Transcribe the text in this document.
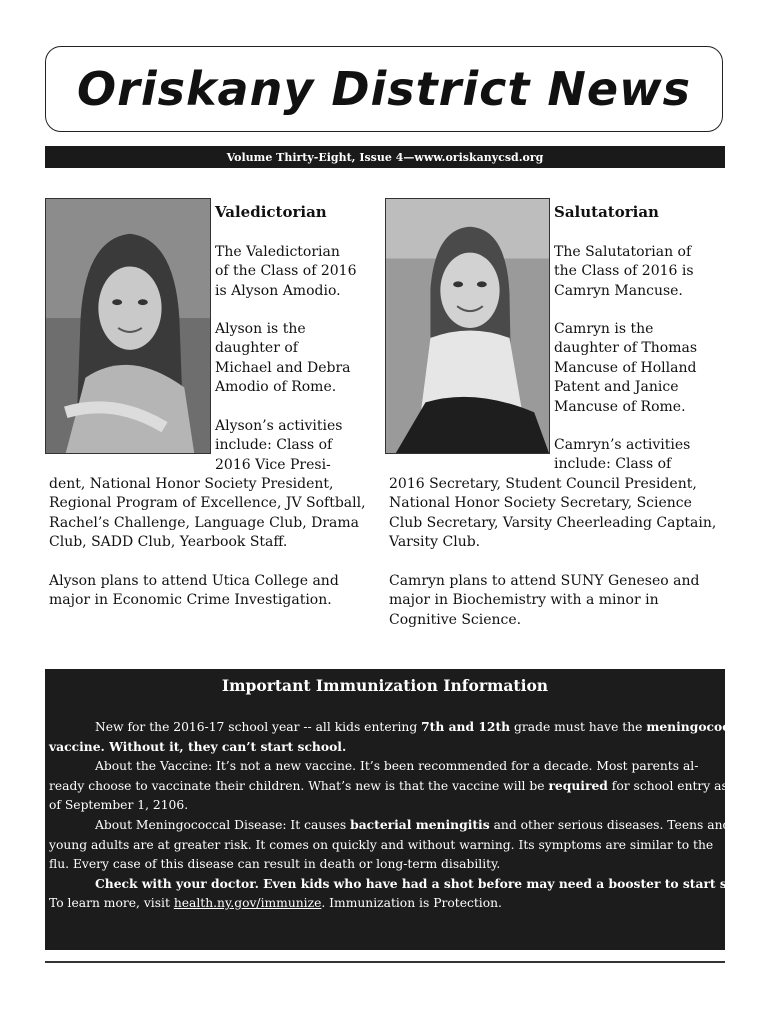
Oriskany District News
Volume Thirty-Eight, Issue 4—www.oriskanycsd.org
Valedictorian

The Valedictorian
of the Class of 2016
is Alyson Amodio.

Alyson is the
daughter of
Michael and Debra
Amodio of Rome.

Alyson’s activities
include: Class of
2016 Vice Presi-

dent, National Honor Society President,
Regional Program of Excellence, JV Softball,
Rachel’s Challenge, Language Club, Drama
Club, SADD Club, Yearbook Staff.

Alyson plans to attend Utica College and
major in Economic Crime Investigation.

Salutatorian

The Salutatorian of
the Class of 2016 is
Camryn Mancuse.

Camryn is the
daughter of Thomas
Mancuse of Holland
Patent and Janice
Mancuse of Rome.

Camryn’s activities
include: Class of

2016 Secretary, Student Council President,
National Honor Society Secretary, Science
Club Secretary, Varsity Cheerleading Captain,
Varsity Club.

Camryn plans to attend SUNY Geneseo and
major in Biochemistry with a minor in
Cognitive Science.

Important Immunization Information
New for the 2016-17 school year -- all kids entering 7th and 12th grade must have the meningococcal
vaccine. Without it, they can’t start school.
About the Vaccine: It’s not a new vaccine. It’s been recommended for a decade. Most parents al-
ready choose to vaccinate their children. What’s new is that the vaccine will be required for school entry as
of September 1, 2106.
About Meningococcal Disease: It causes bacterial meningitis and other serious diseases. Teens and
young adults are at greater risk. It comes on quickly and without warning. Its symptoms are similar to the
flu. Every case of this disease can result in death or long-term disability.
Check with your doctor. Even kids who have had a shot before may need a booster to start school.
To learn more, visit health.ny.gov/immunize. Immunization is Protection.
